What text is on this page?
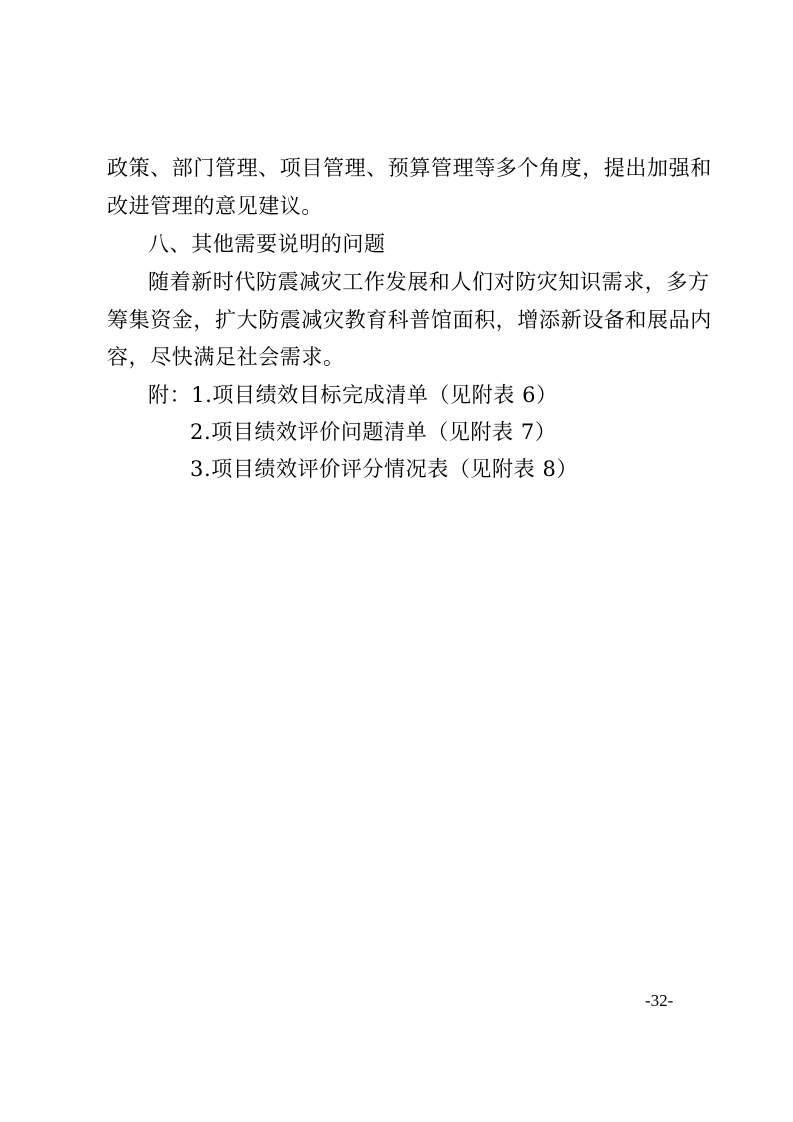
政策、部门管理、项目管理、预算管理等多个角度，提出加强和
改进管理的意见建议。
八、其他需要说明的问题
随着新时代防震减灾工作发展和人们对防灾知识需求，多方
筹集资金，扩大防震减灾教育科普馆面积，增添新设备和展品内
容，尽快满足社会需求。
附：1.项目绩效目标完成清单（见附表 6）
2.项目绩效评价问题清单（见附表 7）
3.项目绩效评价评分情况表（见附表 8）
-32-
